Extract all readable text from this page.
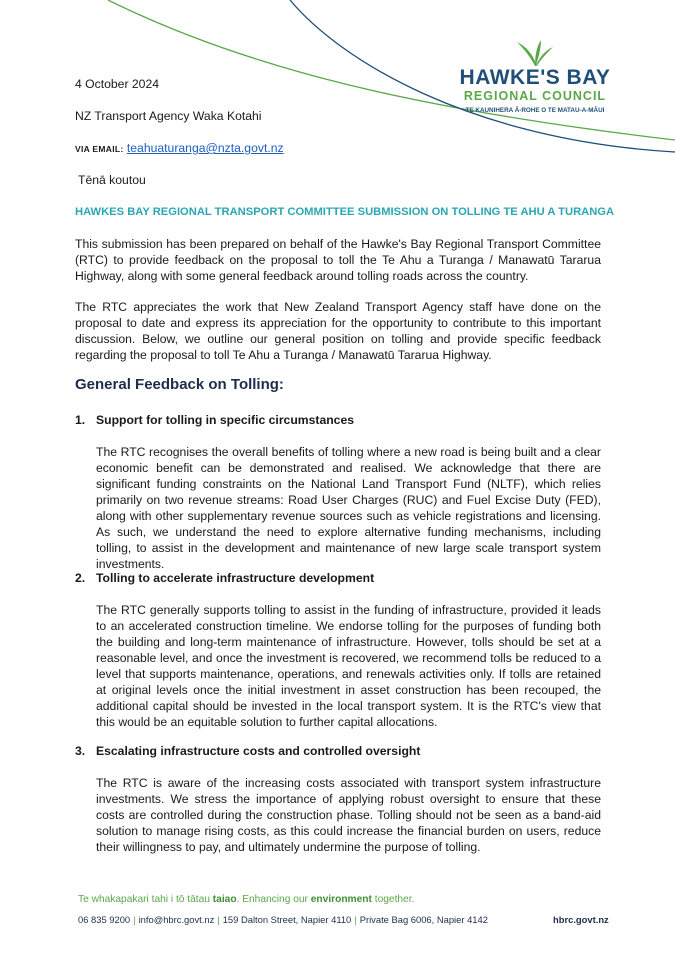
HAWKE'S BAY
REGIONAL COUNCIL
TE KAUNIHERA Ā-ROHE O TE MATAU-A-MĀUI
4 October 2024
NZ Transport Agency Waka Kotahi
VIA EMAIL: teahuaturanga@nzta.govt.nz
Tēnā koutou
HAWKES BAY REGIONAL TRANSPORT COMMITTEE SUBMISSION ON TOLLING TE AHU A TURANGA

This submission has been prepared on behalf of the Hawke's Bay Regional Transport Committee (RTC) to provide feedback on the proposal to toll the Te Ahu a Turanga / Manawatū Tararua Highway, along with some general feedback around tolling roads across the country.

The RTC appreciates the work that New Zealand Transport Agency staff have done on the proposal to date and express its appreciation for the opportunity to contribute to this important discussion. Below, we outline our general position on tolling and provide specific feedback regarding the proposal to toll Te Ahu a Turanga / Manawatū Tararua Highway.

General Feedback on Tolling:
1. Support for tolling in specific circumstances

The RTC recognises the overall benefits of tolling where a new road is being built and a clear economic benefit can be demonstrated and realised. We acknowledge that there are significant funding constraints on the National Land Transport Fund (NLTF), which relies primarily on two revenue streams: Road User Charges (RUC) and Fuel Excise Duty (FED), along with other supplementary revenue sources such as vehicle registrations and licensing. As such, we understand the need to explore alternative funding mechanisms, including tolling, to assist in the development and maintenance of new large scale transport system investments.

2. Tolling to accelerate infrastructure development

The RTC generally supports tolling to assist in the funding of infrastructure, provided it leads to an accelerated construction timeline. We endorse tolling for the purposes of funding both the building and long-term maintenance of infrastructure. However, tolls should be set at a reasonable level, and once the investment is recovered, we recommend tolls be reduced to a level that supports maintenance, operations, and renewals activities only. If tolls are retained at original levels once the initial investment in asset construction has been recouped, the additional capital should be invested in the local transport system. It is the RTC's view that this would be an equitable solution to further capital allocations.

3. Escalating infrastructure costs and controlled oversight

The RTC is aware of the increasing costs associated with transport system infrastructure investments. We stress the importance of applying robust oversight to ensure that these costs are controlled during the construction phase. Tolling should not be seen as a band-aid solution to manage rising costs, as this could increase the financial burden on users, reduce their willingness to pay, and ultimately undermine the purpose of tolling.

Te whakapakari tahi i tō tātau taiao. Enhancing our environment together.
06 835 9200 | info@hbrc.govt.nz | 159 Dalton Street, Napier 4110 | Private Bag 6006, Napier 4142	hbrc.govt.nz
